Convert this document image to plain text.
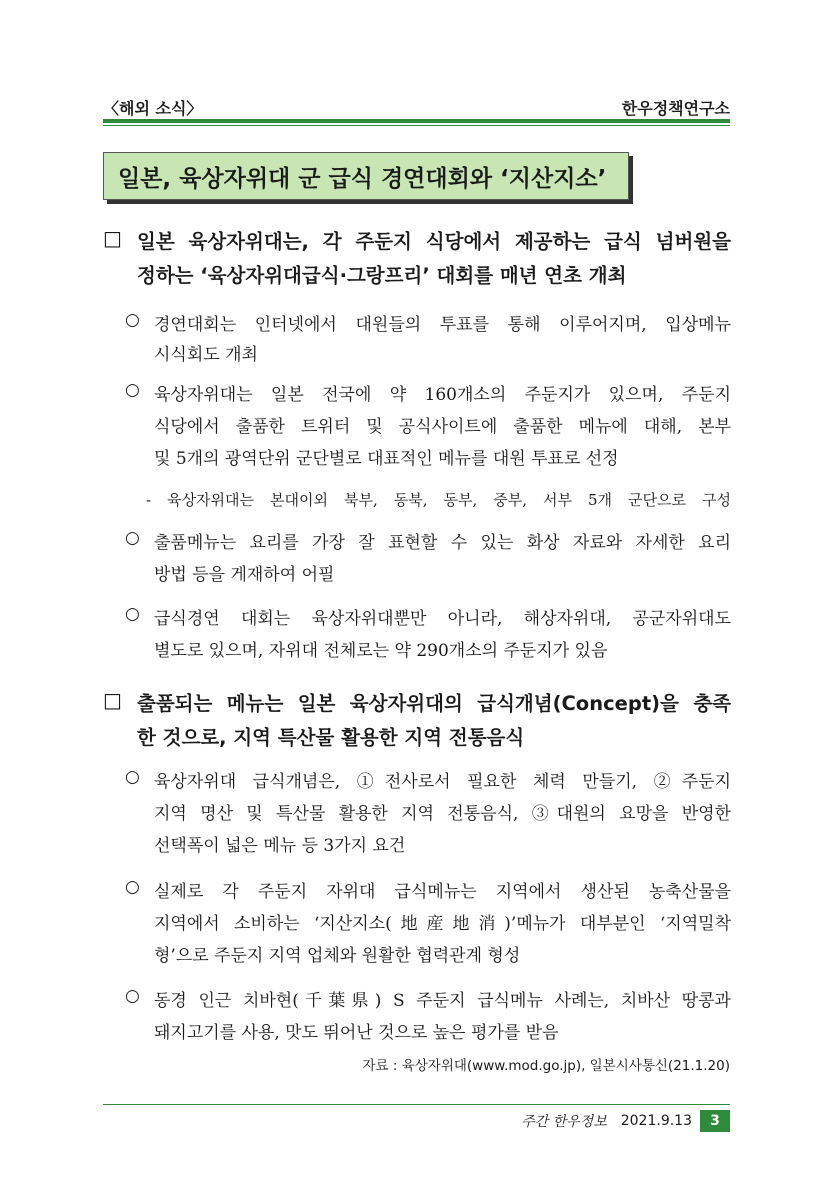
〈해외 소식〉	한우정책연구소
일본, 육상자위대 군 급식 경연대회와 ‘지산지소’
□ 일본 육상자위대는, 각 주둔지 식당에서 제공하는 급식 넘버원을
정하는 ‘육상자위대급식·그랑프리’ 대회를 매년 연초 개최
○ 경연대회는 인터넷에서 대원들의 투표를 통해 이루어지며, 입상메뉴
시식회도 개최
○ 육상자위대는 일본 전국에 약 160개소의 주둔지가 있으며, 주둔지
식당에서 출품한 트위터 및 공식사이트에 출품한 메뉴에 대해, 본부
및 5개의 광역단위 군단별로 대표적인 메뉴를 대원 투표로 선정
- 육상자위대는 본대이외 북부, 동북, 동부, 중부, 서부 5개 군단으로 구성
○ 출품메뉴는 요리를 가장 잘 표현할 수 있는 화상 자료와 자세한 요리
방법 등을 게재하여 어필
○ 급식경연 대회는 육상자위대뿐만 아니라, 해상자위대, 공군자위대도
별도로 있으며, 자위대 전체로는 약 290개소의 주둔지가 있음
□ 출품되는 메뉴는 일본 육상자위대의 급식개념(Concept)을 충족
한 것으로, 지역 특산물 활용한 지역 전통음식
○ 육상자위대 급식개념은, ①전사로서 필요한 체력 만들기, ②주둔지
지역 명산 및 특산물 활용한 지역 전통음식, ③대원의 요망을 반영한
선택폭이 넓은 메뉴 등 3가지 요건
○ 실제로 각 주둔지 자위대 급식메뉴는 지역에서 생산된 농축산물을
지역에서 소비하는 ‘지산지소(地産地消)’메뉴가 대부분인 ‘지역밀착
형’으로 주둔지 지역 업체와 원활한 협력관계 형성
○ 동경 인근 치바현(千葉県) S 주둔지 급식메뉴 사례는, 치바산 땅콩과
돼지고기를 사용, 맛도 뛰어난 것으로 높은 평가를 받음
자료 : 육상자위대(www.mod.go.jp), 일본시사통신(21.1.20)
주간 한우정보 2021.9.13	3
